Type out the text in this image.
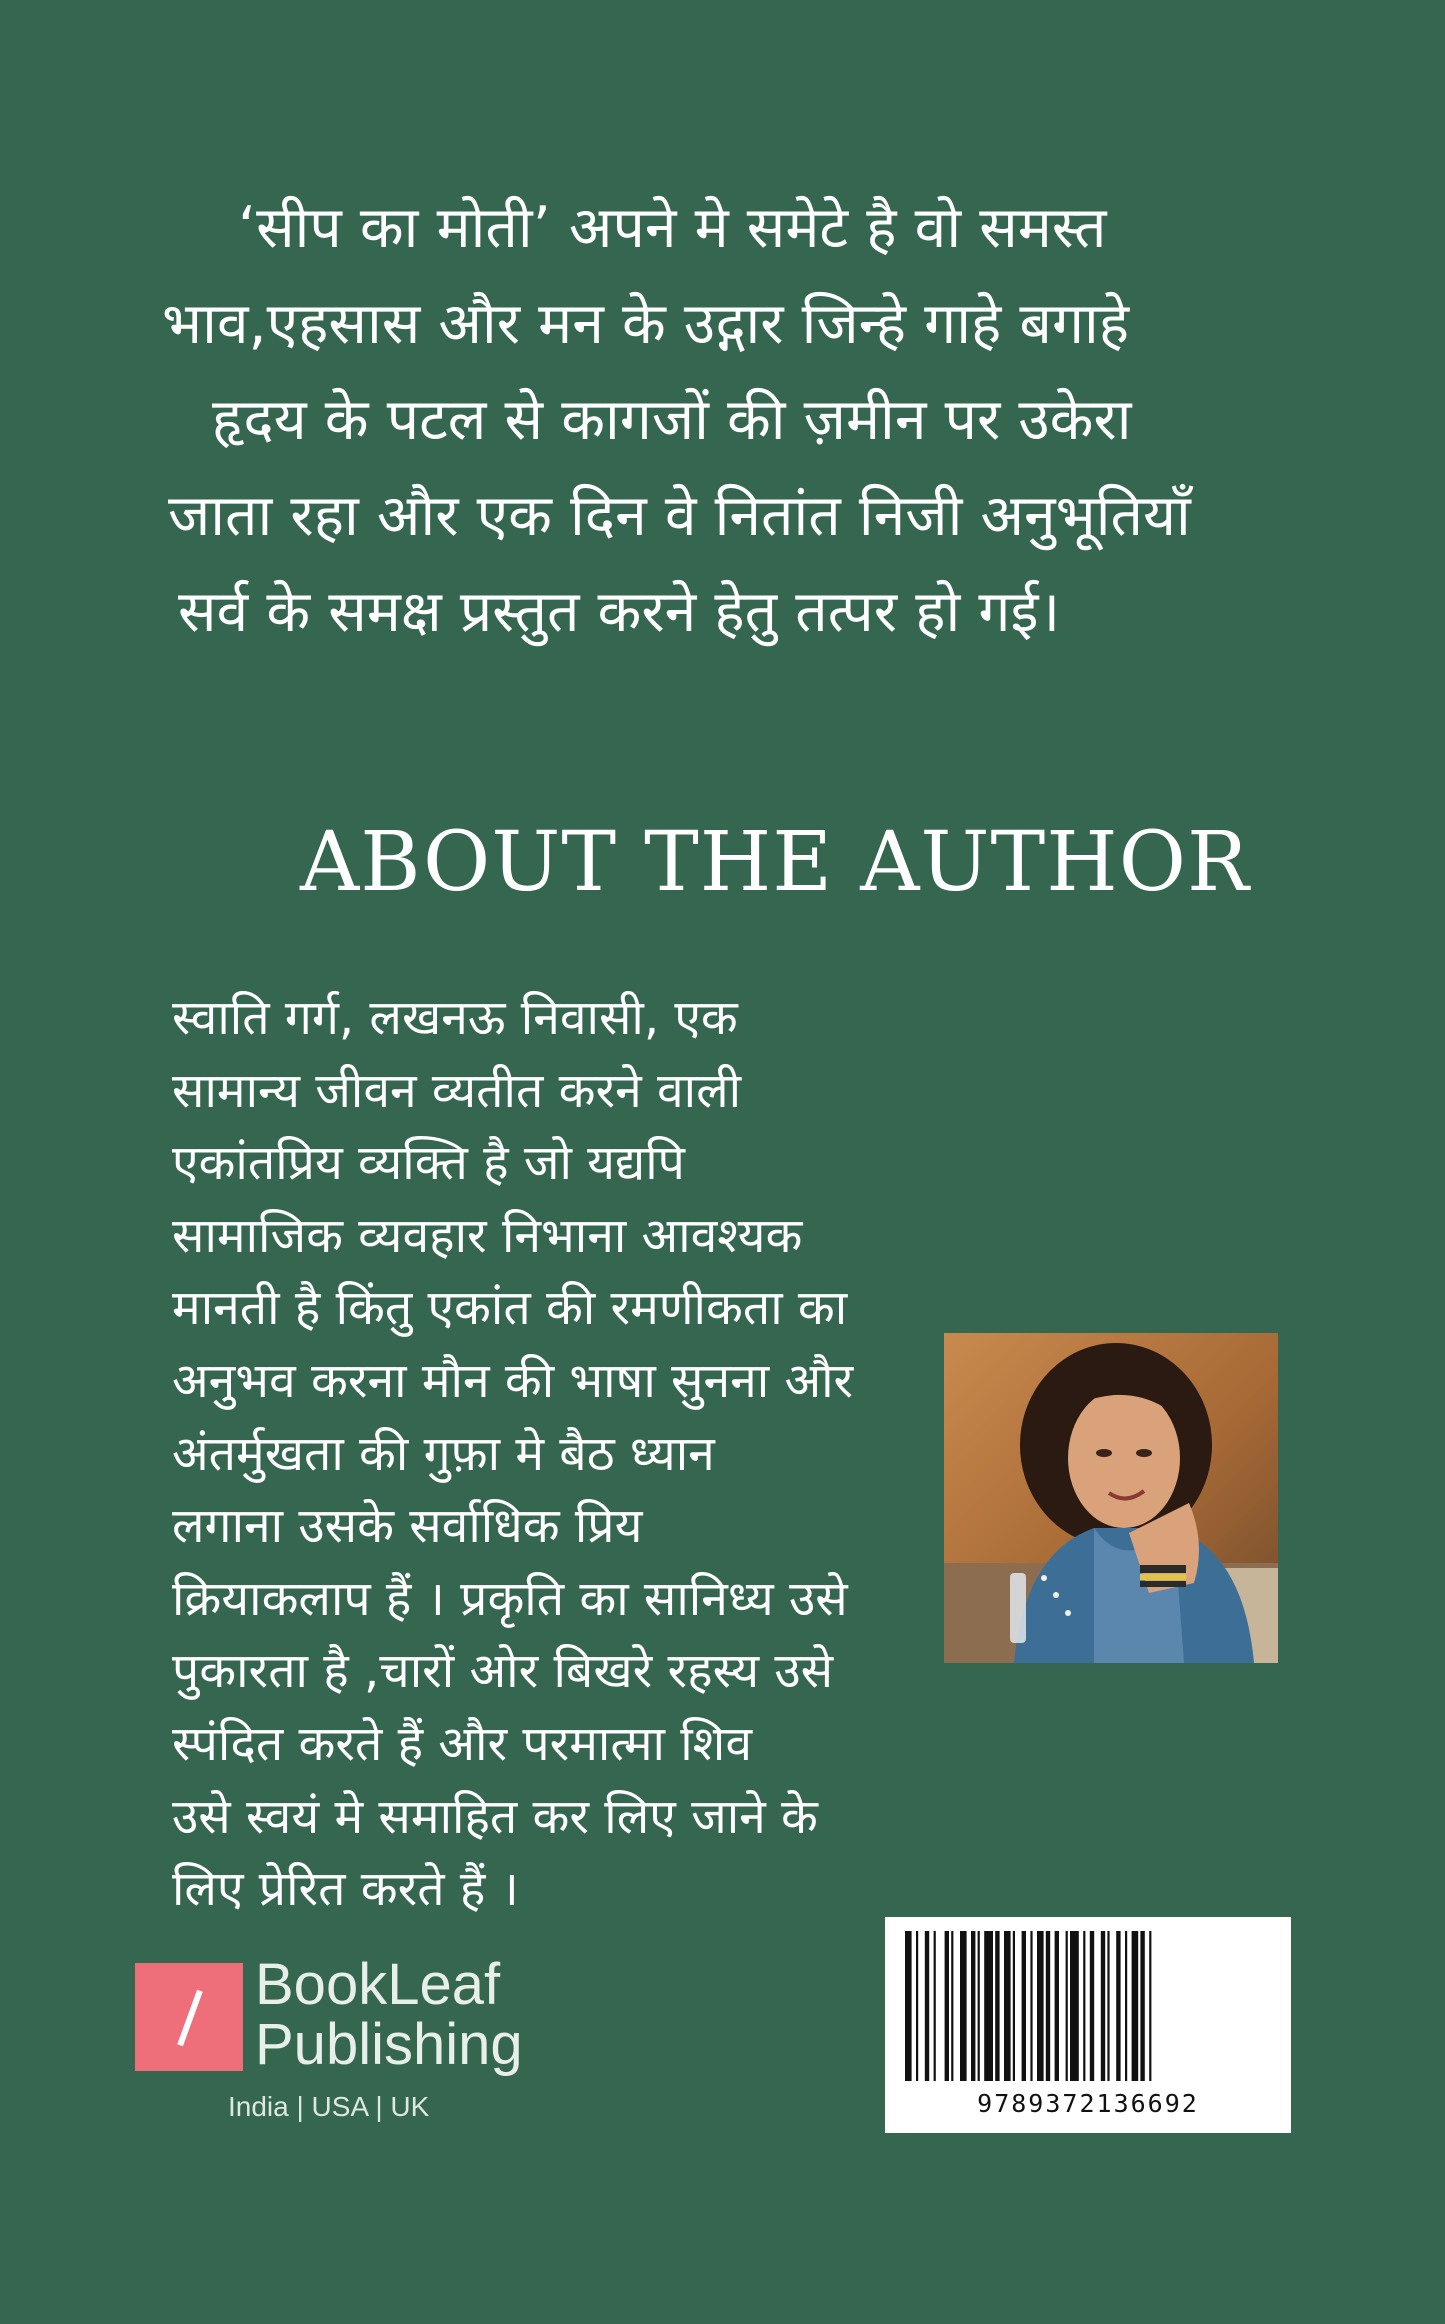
‘सीप का मोती’ अपने मे समेटे है वो समस्त
भाव,एहसास और मन के उद्गार जिन्हे गाहे बगाहे
हृदय के पटल से कागजों की ज़मीन पर उकेरा
जाता रहा और एक दिन वे नितांत निजी अनुभूतियाँ
सर्व के समक्ष प्रस्तुत करने हेतु तत्पर हो गई।
ABOUT THE AUTHOR
स्वाति गर्ग, लखनऊ निवासी, एक
सामान्य जीवन व्यतीत करने वाली
एकांतप्रिय व्यक्ति है जो यद्यपि
सामाजिक व्यवहार निभाना आवश्यक
मानती है किंतु एकांत की रमणीकता का
अनुभव करना मौन की भाषा सुनना और
अंतर्मुखता की गुफ़ा मे बैठ ध्यान
लगाना उसके सर्वाधिक प्रिय
क्रियाकलाप हैं । प्रकृति का सानिध्य उसे
पुकारता है ,चारों ओर बिखरे रहस्य उसे
स्पंदित करते हैं और परमात्मा शिव
उसे स्वयं मे समाहित कर लिए जाने के
लिए प्रेरित करते हैं ।
BookLeaf
Publishing
India | USA | UK	9789372136692
